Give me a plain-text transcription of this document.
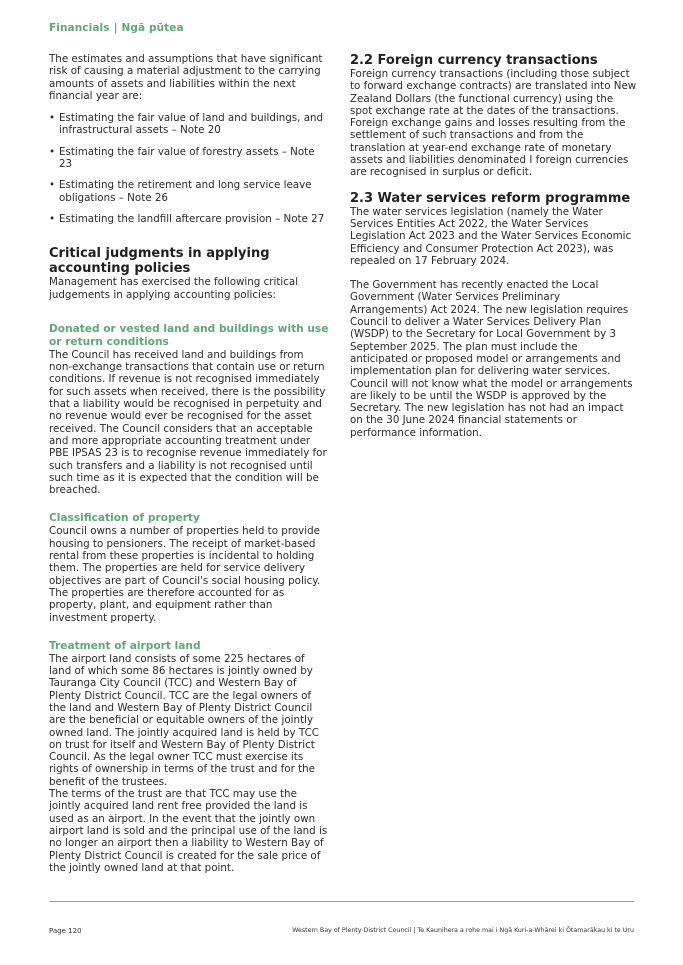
Financials | Ngā pūtea

The estimates and assumptions that have significant risk of causing a material adjustment to the carrying amounts of assets and liabilities within the next financial year are:

• Estimating the fair value of land and buildings, and infrastructural assets – Note 20
• Estimating the fair value of forestry assets – Note 23
• Estimating the retirement and long service leave obligations – Note 26
• Estimating the landfill aftercare provision – Note 27
Critical judgments in applying accounting policies

Management has exercised the following critical judgements in applying accounting policies:

Donated or vested land and buildings with use or return conditions

The Council has received land and buildings from non-exchange transactions that contain use or return conditions. If revenue is not recognised immediately for such assets when received, there is the possibility that a liability would be recognised in perpetuity and no revenue would ever be recognised for the asset received. The Council considers that an acceptable and more appropriate accounting treatment under PBE IPSAS 23 is to recognise revenue immediately for such transfers and a liability is not recognised until such time as it is expected that the condition will be breached.

Classification of property

Council owns a number of properties held to provide housing to pensioners. The receipt of market-based rental from these properties is incidental to holding them. The properties are held for service delivery objectives are part of Council's social housing policy. The properties are therefore accounted for as property, plant, and equipment rather than investment property.

Treatment of airport land

The airport land consists of some 225 hectares of land of which some 86 hectares is jointly owned by Tauranga City Council (TCC) and Western Bay of Plenty District Council. TCC are the legal owners of the land and Western Bay of Plenty District Council are the beneficial or equitable owners of the jointly owned land. The jointly acquired land is held by TCC on trust for itself and Western Bay of Plenty District Council. As the legal owner TCC must exercise its rights of ownership in terms of the trust and for the benefit of the trustees.

The terms of the trust are that TCC may use the jointly acquired land rent free provided the land is used as an airport. In the event that the jointly own airport land is sold and the principal use of the land is no longer an airport then a liability to Western Bay of Plenty District Council is created for the sale price of the jointly owned land at that point.

2.2 Foreign currency transactions

Foreign currency transactions (including those subject to forward exchange contracts) are translated into New Zealand Dollars (the functional currency) using the spot exchange rate at the dates of the transactions. Foreign exchange gains and losses resulting from the settlement of such transactions and from the translation at year-end exchange rate of monetary assets and liabilities denominated I foreign currencies are recognised in surplus or deficit.

2.3 Water services reform programme

The water services legislation (namely the Water Services Entities Act 2022, the Water Services Legislation Act 2023 and the Water Services Economic Efficiency and Consumer Protection Act 2023), was repealed on 17 February 2024.

The Government has recently enacted the Local Government (Water Services Preliminary Arrangements) Act 2024. The new legislation requires Council to deliver a Water Services Delivery Plan (WSDP) to the Secretary for Local Government by 3 September 2025. The plan must include the anticipated or proposed model or arrangements and implementation plan for delivering water services. Council will not know what the model or arrangements are likely to be until the WSDP is approved by the Secretary. The new legislation has not had an impact on the 30 June 2024 financial statements or performance information.

Page 120	Western Bay of Plenty District Council | Te Kaunihera a rohe mai i Ngā Kuri-a-Whārei ki Ōtamarākau ki te Uru
